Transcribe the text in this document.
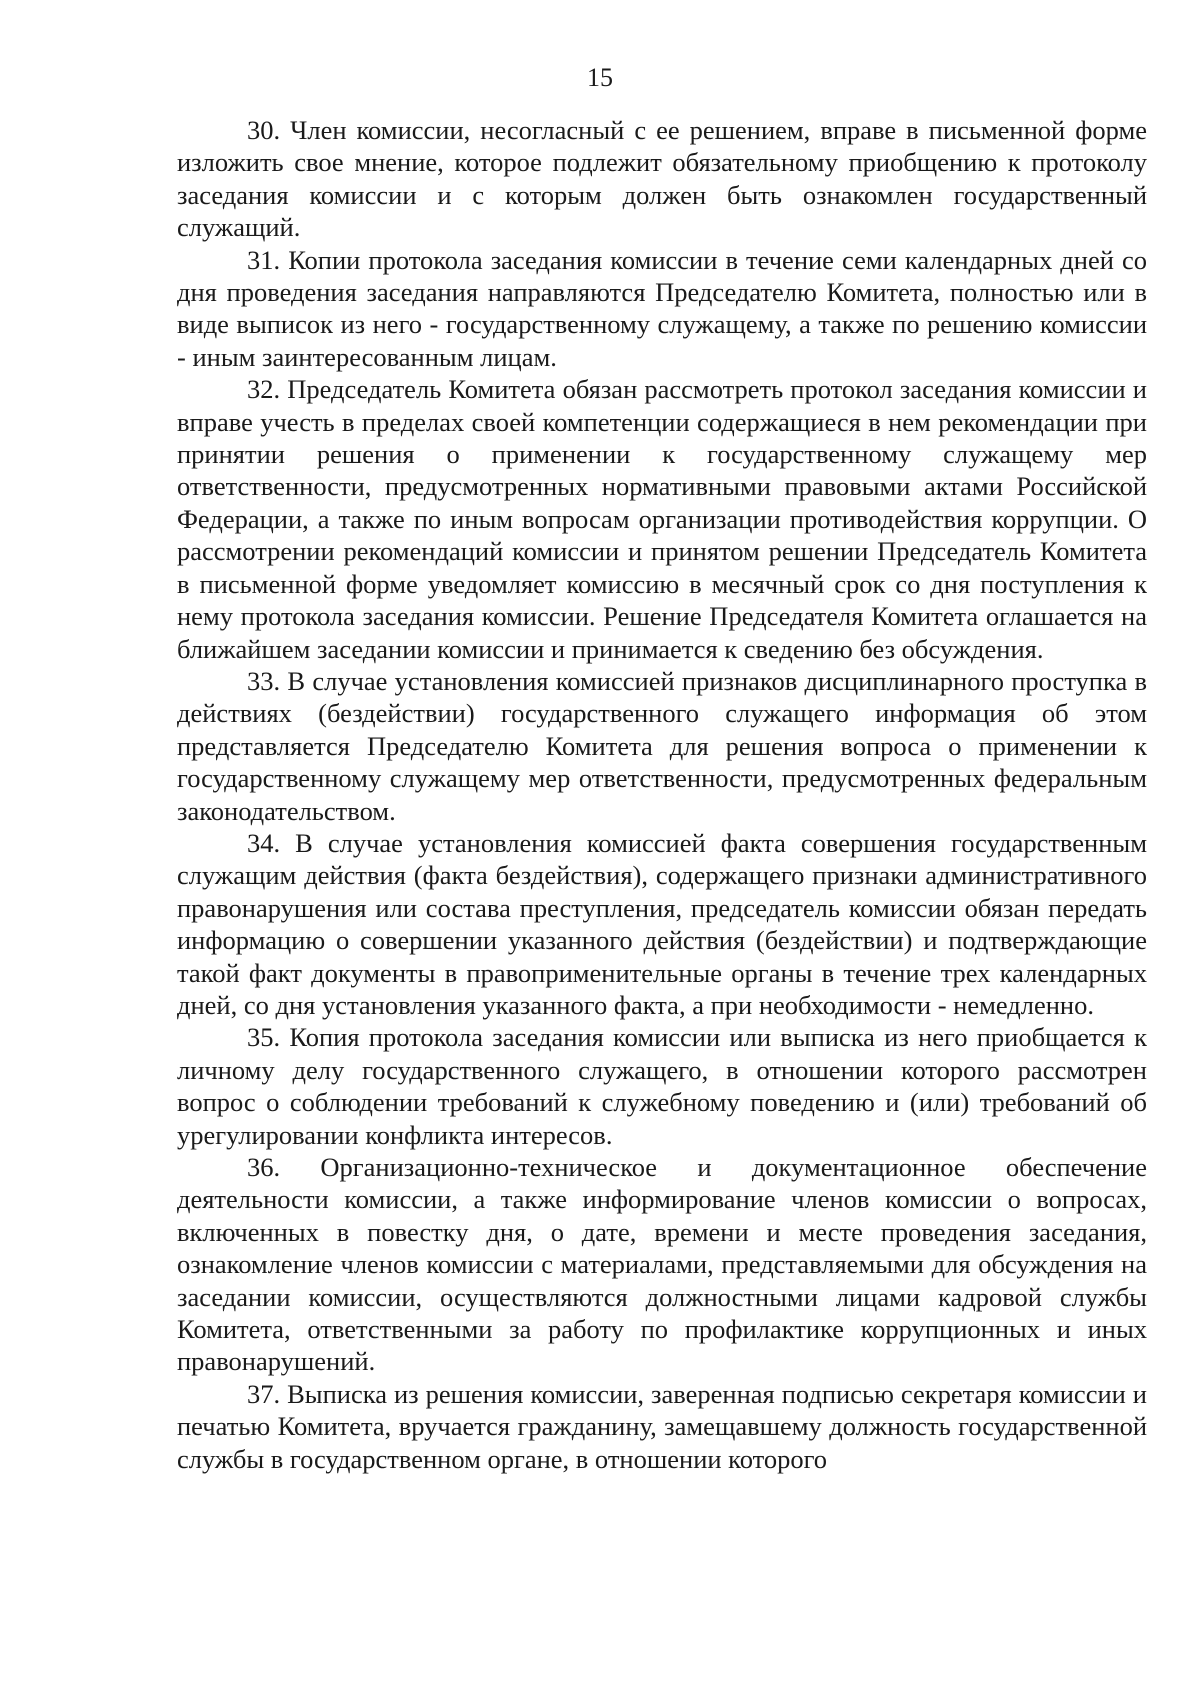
15

30. Член комиссии, несогласный с ее решением, вправе в письменной форме изложить свое мнение, которое подлежит обязательному приобщению к протоколу заседания комиссии и с которым должен быть ознакомлен государственный служащий.

31. Копии протокола заседания комиссии в течение семи календарных дней со дня проведения заседания направляются Председателю Комитета, полностью или в виде выписок из него - государственному служащему, а также по решению комиссии - иным заинтересованным лицам.

32. Председатель Комитета обязан рассмотреть протокол заседания комиссии и вправе учесть в пределах своей компетенции содержащиеся в нем рекомендации при принятии решения о применении к государственному служащему мер ответственности, предусмотренных нормативными правовыми актами Российской Федерации, а также по иным вопросам организации противодействия коррупции. О рассмотрении рекомендаций комиссии и принятом решении Председатель Комитета в письменной форме уведомляет комиссию в месячный срок со дня поступления к нему протокола заседания комиссии. Решение Председателя Комитета оглашается на ближайшем заседании комиссии и принимается к сведению без обсуждения.

33. В случае установления комиссией признаков дисциплинарного проступка в действиях (бездействии) государственного служащего информация об этом представляется Председателю Комитета для решения вопроса о применении к государственному служащему мер ответственности, предусмотренных федеральным законодательством.

34. В случае установления комиссией факта совершения государственным служащим действия (факта бездействия), содержащего признаки административного правонарушения или состава преступления, председатель комиссии обязан передать информацию о совершении указанного действия (бездействии) и подтверждающие такой факт документы в правоприменительные органы в течение трех календарных дней, со дня установления указанного факта, а при необходимости - немедленно.

35. Копия протокола заседания комиссии или выписка из него приобщается к личному делу государственного служащего, в отношении которого рассмотрен вопрос о соблюдении требований к служебному поведению и (или) требований об урегулировании конфликта интересов.

36. Организационно-техническое и документационное обеспечение деятельности комиссии, а также информирование членов комиссии о вопросах, включенных в повестку дня, о дате, времени и месте проведения заседания, ознакомление членов комиссии с материалами, представляемыми для обсуждения на заседании комиссии, осуществляются должностными лицами кадровой службы Комитета, ответственными за работу по профилактике коррупционных и иных правонарушений.

37. Выписка из решения комиссии, заверенная подписью секретаря комиссии и печатью Комитета, вручается гражданину, замещавшему должность государственной службы в государственном органе, в отношении которого
